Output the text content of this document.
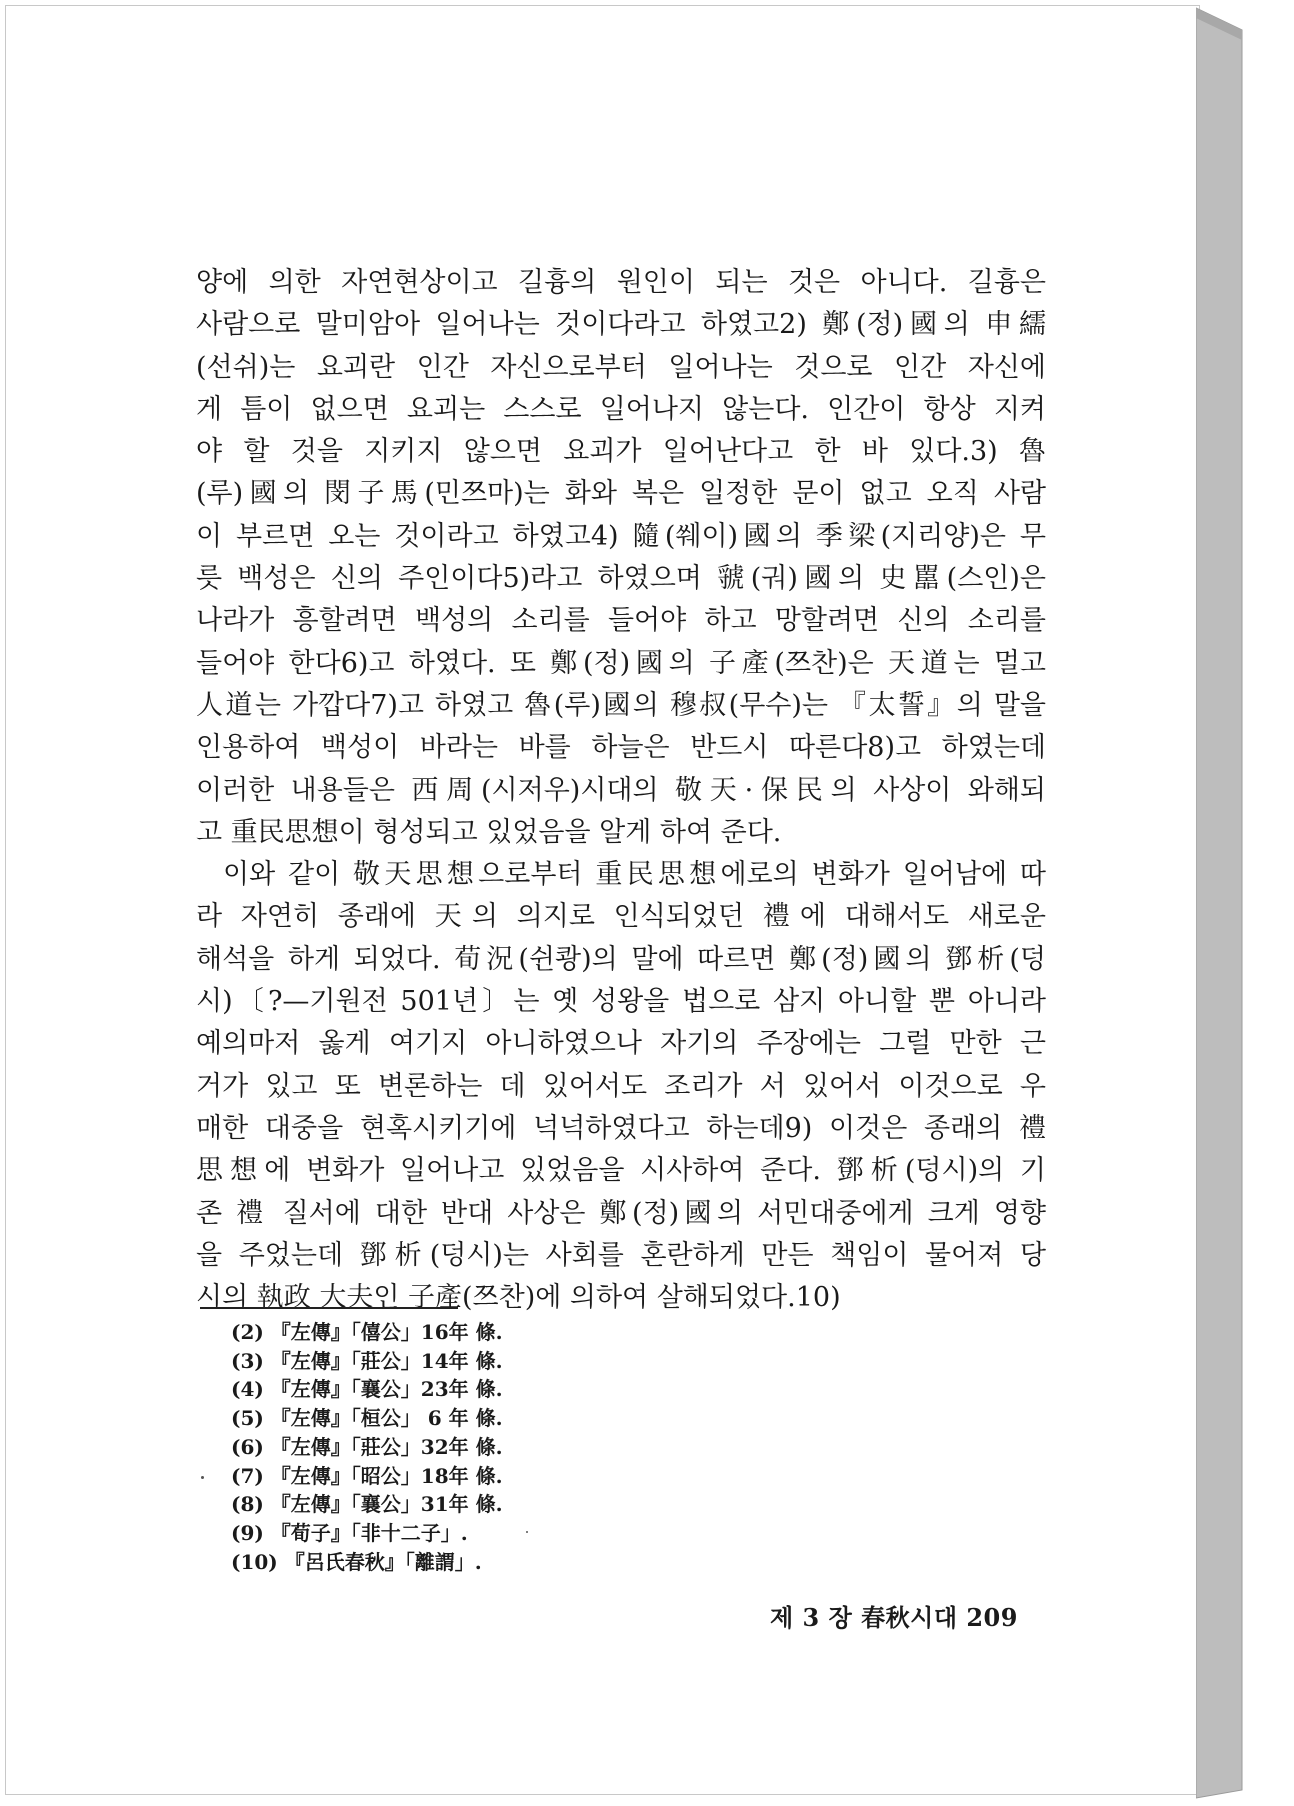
양에 의한 자연현상이고 길흉의 원인이 되는 것은 아니다. 길흉은
사람으로 말미암아 일어나는 것이다라고 하였고2) 鄭(정)國의 申繻
(선쉬)는 요괴란 인간 자신으로부터 일어나는 것으로 인간 자신에
게 틈이 없으면 요괴는 스스로 일어나지 않는다. 인간이 항상 지켜
야 할 것을 지키지 않으면 요괴가 일어난다고 한 바 있다.3) 魯
(루)國의 閔子馬(민쯔마)는 화와 복은 일정한 문이 없고 오직 사람
이 부르면 오는 것이라고 하였고4) 隨(쒜이)國의 季梁(지리양)은 무
릇 백성은 신의 주인이다5)라고 하였으며 虢(궈)國의 史嚚(스인)은
나라가 흥할려면 백성의 소리를 들어야 하고 망할려면 신의 소리를
들어야 한다6)고 하였다. 또 鄭(정)國의 子產(쯔찬)은 天道는 멀고
人道는 가깝다7)고 하였고 魯(루)國의 穆叔(무수)는 『太誓』의 말을
인용하여 백성이 바라는 바를 하늘은 반드시 따른다8)고 하였는데
이러한 내용들은 西周(시저우)시대의 敬天·保民의 사상이 와해되
고 重民思想이 형성되고 있었음을 알게 하여 준다.

이와 같이 敬天思想으로부터 重民思想에로의 변화가 일어남에 따
라 자연히 종래에 天의 의지로 인식되었던 禮에 대해서도 새로운
해석을 하게 되었다. 荀況(쉰쾅)의 말에 따르면 鄭(정)國의 鄧析(덩
시)〔?—기원전 501년〕는 옛 성왕을 법으로 삼지 아니할 뿐 아니라
예의마저 옳게 여기지 아니하였으나 자기의 주장에는 그럴 만한 근
거가 있고 또 변론하는 데 있어서도 조리가 서 있어서 이것으로 우
매한 대중을 현혹시키기에 넉넉하였다고 하는데9) 이것은 종래의 禮
思想에 변화가 일어나고 있었음을 시사하여 준다. 鄧析(덩시)의 기
존 禮 질서에 대한 반대 사상은 鄭(정)國의 서민대중에게 크게 영향
을 주었는데 鄧析(덩시)는 사회를 혼란하게 만든 책임이 물어져 당
시의 執政 大夫인 子產(쯔찬)에 의하여 살해되었다.10)

(2) 『左傳』「僖公」16年 條.
(3) 『左傳』「莊公」14年 條.
(4) 『左傳』「襄公」23年 條.
(5) 『左傳』「桓公」 6 年 條.
(6) 『左傳』「莊公」32年 條.
(7) 『左傳』「昭公」18年 條.
(8) 『左傳』「襄公」31年 條.
(9) 『荀子』「非十二子」.
(10) 『呂氏春秋』「離謂」.
제 3 장 春秋시대 209
